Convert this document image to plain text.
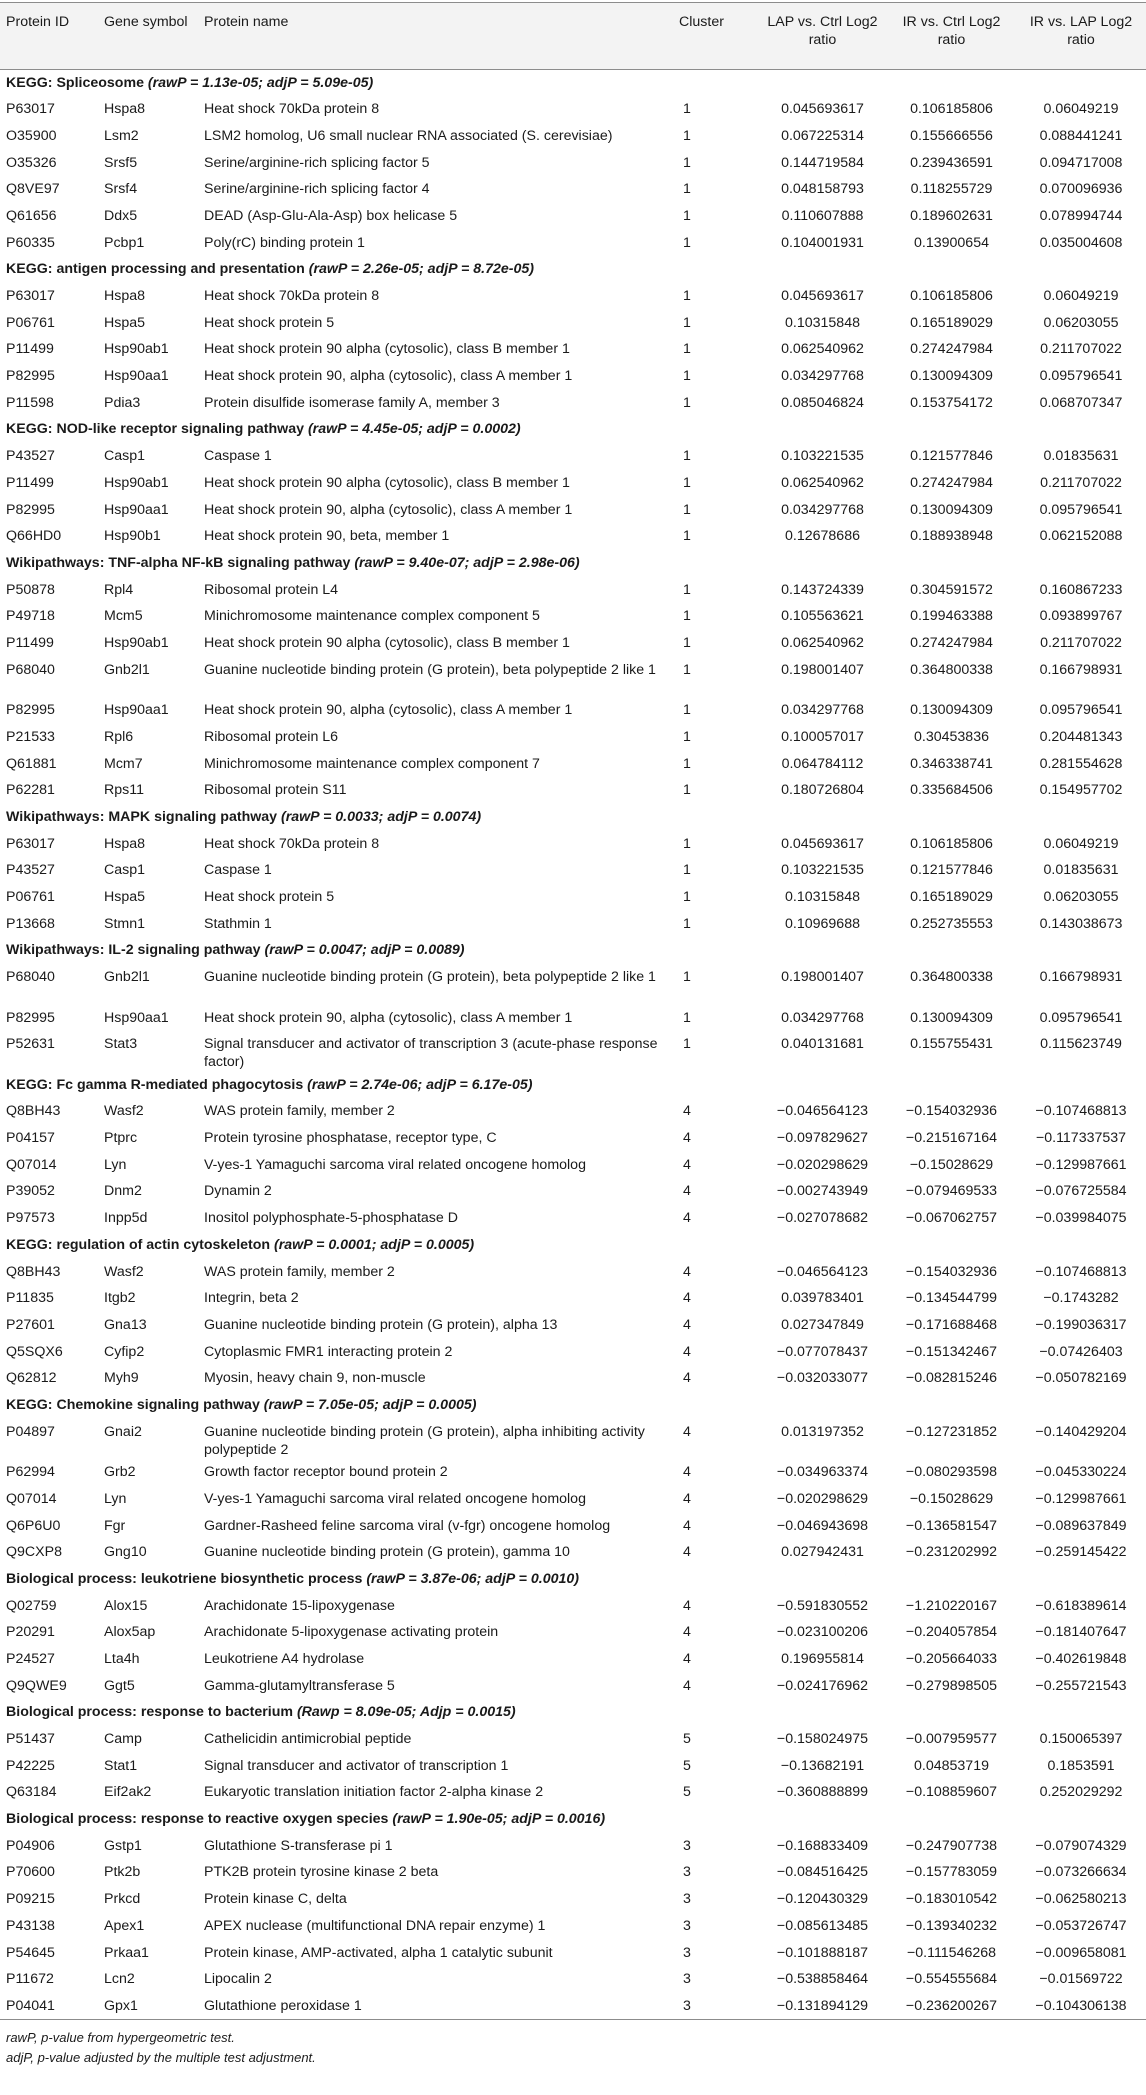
Protein ID	Gene symbol	Protein name	Cluster	LAP vs. Ctrl Log2 ratio	IR vs. Ctrl Log2 ratio	IR vs. LAP Log2 ratio
KEGG: Spliceosome (rawP = 1.13e-05; adjP = 5.09e-05)						
P63017	Hspa8	Heat shock 70kDa protein 8	1	0.045693617	0.106185806	0.06049219
O35900	Lsm2	LSM2 homolog, U6 small nuclear RNA associated (S. cerevisiae)	1	0.067225314	0.155666556	0.088441241
O35326	Srsf5	Serine/arginine-rich splicing factor 5	1	0.144719584	0.239436591	0.094717008
Q8VE97	Srsf4	Serine/arginine-rich splicing factor 4	1	0.048158793	0.118255729	0.070096936
Q61656	Ddx5	DEAD (Asp-Glu-Ala-Asp) box helicase 5	1	0.110607888	0.189602631	0.078994744
P60335	Pcbp1	Poly(rC) binding protein 1	1	0.104001931	0.13900654	0.035004608
KEGG: antigen processing and presentation (rawP = 2.26e-05; adjP = 8.72e-05)						
P63017	Hspa8	Heat shock 70kDa protein 8	1	0.045693617	0.106185806	0.06049219
P06761	Hspa5	Heat shock protein 5	1	0.10315848	0.165189029	0.06203055
P11499	Hsp90ab1	Heat shock protein 90 alpha (cytosolic), class B member 1	1	0.062540962	0.274247984	0.211707022
P82995	Hsp90aa1	Heat shock protein 90, alpha (cytosolic), class A member 1	1	0.034297768	0.130094309	0.095796541
P11598	Pdia3	Protein disulfide isomerase family A, member 3	1	0.085046824	0.153754172	0.068707347
KEGG: NOD-like receptor signaling pathway (rawP = 4.45e-05; adjP = 0.0002)						
P43527	Casp1	Caspase 1	1	0.103221535	0.121577846	0.01835631
P11499	Hsp90ab1	Heat shock protein 90 alpha (cytosolic), class B member 1	1	0.062540962	0.274247984	0.211707022
P82995	Hsp90aa1	Heat shock protein 90, alpha (cytosolic), class A member 1	1	0.034297768	0.130094309	0.095796541
Q66HD0	Hsp90b1	Heat shock protein 90, beta, member 1	1	0.12678686	0.188938948	0.062152088
Wikipathways: TNF-alpha NF-kB signaling pathway (rawP = 9.40e-07; adjP = 2.98e-06)						
P50878	Rpl4	Ribosomal protein L4	1	0.143724339	0.304591572	0.160867233
P49718	Mcm5	Minichromosome maintenance complex component 5	1	0.105563621	0.199463388	0.093899767
P11499	Hsp90ab1	Heat shock protein 90 alpha (cytosolic), class B member 1	1	0.062540962	0.274247984	0.211707022
P68040	Gnb2l1	Guanine nucleotide binding protein (G protein), beta polypeptide 2 like 1	1	0.198001407	0.364800338	0.166798931
P82995	Hsp90aa1	Heat shock protein 90, alpha (cytosolic), class A member 1	1	0.034297768	0.130094309	0.095796541
P21533	Rpl6	Ribosomal protein L6	1	0.100057017	0.30453836	0.204481343
Q61881	Mcm7	Minichromosome maintenance complex component 7	1	0.064784112	0.346338741	0.281554628
P62281	Rps11	Ribosomal protein S11	1	0.180726804	0.335684506	0.154957702
Wikipathways: MAPK signaling pathway (rawP = 0.0033; adjP = 0.0074)						
P63017	Hspa8	Heat shock 70kDa protein 8	1	0.045693617	0.106185806	0.06049219
P43527	Casp1	Caspase 1	1	0.103221535	0.121577846	0.01835631
P06761	Hspa5	Heat shock protein 5	1	0.10315848	0.165189029	0.06203055
P13668	Stmn1	Stathmin 1	1	0.10969688	0.252735553	0.143038673
Wikipathways: IL-2 signaling pathway (rawP = 0.0047; adjP = 0.0089)						
P68040	Gnb2l1	Guanine nucleotide binding protein (G protein), beta polypeptide 2 like 1	1	0.198001407	0.364800338	0.166798931
P82995	Hsp90aa1	Heat shock protein 90, alpha (cytosolic), class A member 1	1	0.034297768	0.130094309	0.095796541
P52631	Stat3	Signal transducer and activator of transcription 3 (acute-phase response factor)	1	0.040131681	0.155755431	0.115623749
KEGG: Fc gamma R-mediated phagocytosis (rawP = 2.74e-06; adjP = 6.17e-05)						
Q8BH43	Wasf2	WAS protein family, member 2	4	−0.046564123	−0.154032936	−0.107468813
P04157	Ptprc	Protein tyrosine phosphatase, receptor type, C	4	−0.097829627	−0.215167164	−0.117337537
Q07014	Lyn	V-yes-1 Yamaguchi sarcoma viral related oncogene homolog	4	−0.020298629	−0.15028629	−0.129987661
P39052	Dnm2	Dynamin 2	4	−0.002743949	−0.079469533	−0.076725584
P97573	Inpp5d	Inositol polyphosphate-5-phosphatase D	4	−0.027078682	−0.067062757	−0.039984075
KEGG: regulation of actin cytoskeleton (rawP = 0.0001; adjP = 0.0005)						
Q8BH43	Wasf2	WAS protein family, member 2	4	−0.046564123	−0.154032936	−0.107468813
P11835	Itgb2	Integrin, beta 2	4	0.039783401	−0.134544799	−0.1743282
P27601	Gna13	Guanine nucleotide binding protein (G protein), alpha 13	4	0.027347849	−0.171688468	−0.199036317
Q5SQX6	Cyfip2	Cytoplasmic FMR1 interacting protein 2	4	−0.077078437	−0.151342467	−0.07426403
Q62812	Myh9	Myosin, heavy chain 9, non-muscle	4	−0.032033077	−0.082815246	−0.050782169
KEGG: Chemokine signaling pathway (rawP = 7.05e-05; adjP = 0.0005)						
P04897	Gnai2	Guanine nucleotide binding protein (G protein), alpha inhibiting activity polypeptide 2	4	0.013197352	−0.127231852	−0.140429204
P62994	Grb2	Growth factor receptor bound protein 2	4	−0.034963374	−0.080293598	−0.045330224
Q07014	Lyn	V-yes-1 Yamaguchi sarcoma viral related oncogene homolog	4	−0.020298629	−0.15028629	−0.129987661
Q6P6U0	Fgr	Gardner-Rasheed feline sarcoma viral (v-fgr) oncogene homolog	4	−0.046943698	−0.136581547	−0.089637849
Q9CXP8	Gng10	Guanine nucleotide binding protein (G protein), gamma 10	4	0.027942431	−0.231202992	−0.259145422
Biological process: leukotriene biosynthetic process (rawP = 3.87e-06; adjP = 0.0010)						
Q02759	Alox15	Arachidonate 15-lipoxygenase	4	−0.591830552	−1.210220167	−0.618389614
P20291	Alox5ap	Arachidonate 5-lipoxygenase activating protein	4	−0.023100206	−0.204057854	−0.181407647
P24527	Lta4h	Leukotriene A4 hydrolase	4	0.196955814	−0.205664033	−0.402619848
Q9QWE9	Ggt5	Gamma-glutamyltransferase 5	4	−0.024176962	−0.279898505	−0.255721543
Biological process: response to bacterium (Rawp = 8.09e-05; Adjp = 0.0015)						
P51437	Camp	Cathelicidin antimicrobial peptide	5	−0.158024975	−0.007959577	0.150065397
P42225	Stat1	Signal transducer and activator of transcription 1	5	−0.13682191	0.04853719	0.1853591
Q63184	Eif2ak2	Eukaryotic translation initiation factor 2-alpha kinase 2	5	−0.360888899	−0.108859607	0.252029292
Biological process: response to reactive oxygen species (rawP = 1.90e-05; adjP = 0.0016)						
P04906	Gstp1	Glutathione S-transferase pi 1	3	−0.168833409	−0.247907738	−0.079074329
P70600	Ptk2b	PTK2B protein tyrosine kinase 2 beta	3	−0.084516425	−0.157783059	−0.073266634
P09215	Prkcd	Protein kinase C, delta	3	−0.120430329	−0.183010542	−0.062580213
P43138	Apex1	APEX nuclease (multifunctional DNA repair enzyme) 1	3	−0.085613485	−0.139340232	−0.053726747
P54645	Prkaa1	Protein kinase, AMP-activated, alpha 1 catalytic subunit	3	−0.101888187	−0.111546268	−0.009658081
P11672	Lcn2	Lipocalin 2	3	−0.538858464	−0.554555684	−0.01569722
P04041	Gpx1	Glutathione peroxidase 1	3	−0.131894129	−0.236200267	−0.104306138
rawP, p-value from hypergeometric test.
adjP, p-value adjusted by the multiple test adjustment.
